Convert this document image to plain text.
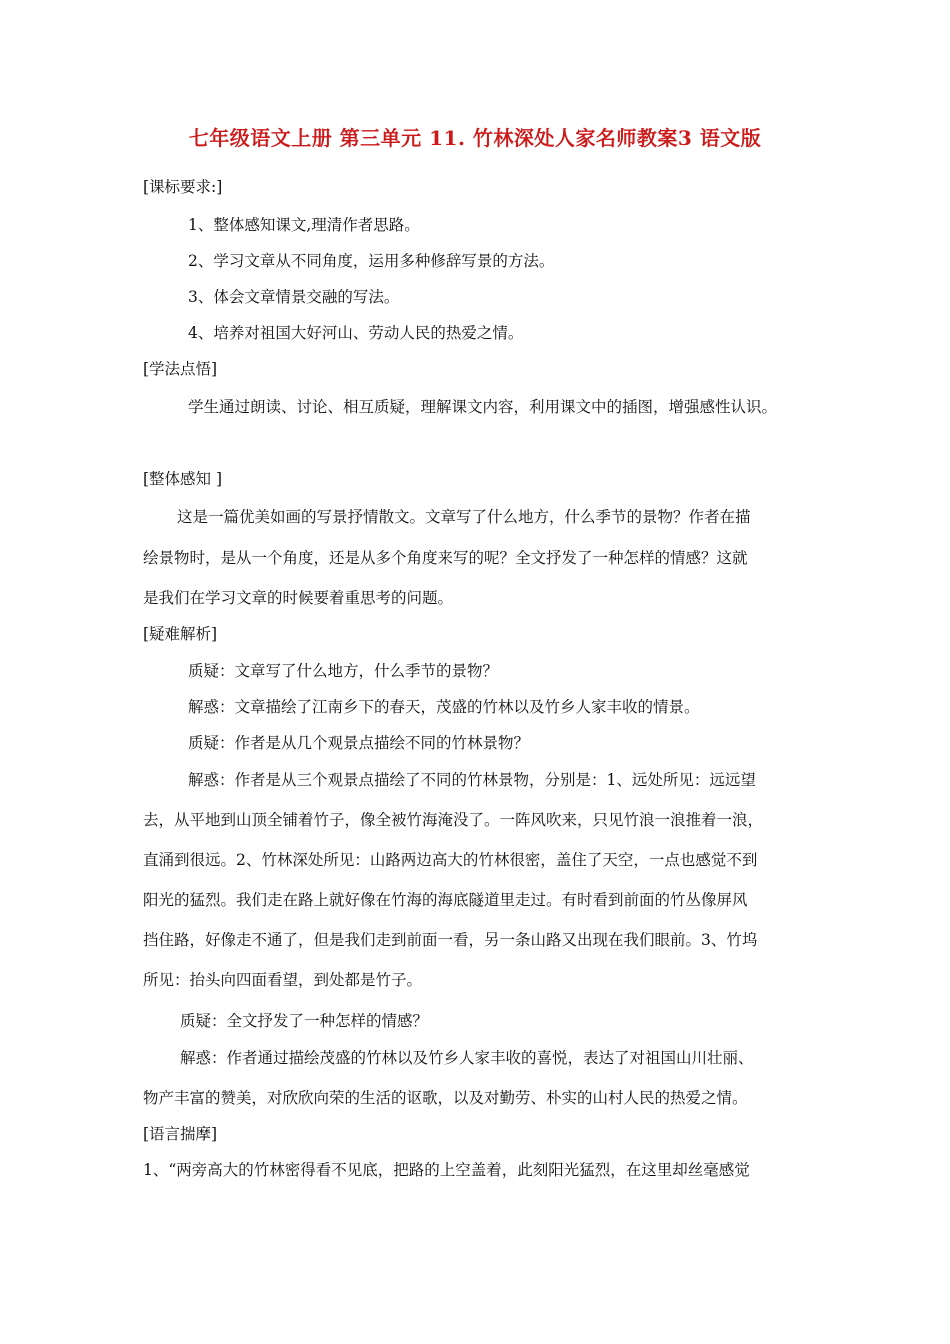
七年级语文上册 第三单元 11. 竹林深处人家名师教案3 语文版
[课标要求:]
1、整体感知课文,理清作者思路。
2、学习文章从不同角度，运用多种修辞写景的方法。
3、体会文章情景交融的写法。
4、培养对祖国大好河山、劳动人民的热爱之情。
[学法点悟]
学生通过朗读、讨论、相互质疑，理解课文内容，利用课文中的插图，增强感性认识。
[整体感知 ]
这是一篇优美如画的写景抒情散文。文章写了什么地方，什么季节的景物？作者在描
绘景物时，是从一个角度，还是从多个角度来写的呢？全文抒发了一种怎样的情感？这就
是我们在学习文章的时候要着重思考的问题。
[疑难解析]
质疑：文章写了什么地方，什么季节的景物？
解惑：文章描绘了江南乡下的春天，茂盛的竹林以及竹乡人家丰收的情景。
质疑：作者是从几个观景点描绘不同的竹林景物？
解惑：作者是从三个观景点描绘了不同的竹林景物，分别是：1、远处所见：远远望
去，从平地到山顶全铺着竹子，像全被竹海淹没了。一阵风吹来，只见竹浪一浪推着一浪，
直涌到很远。2、竹林深处所见：山路两边高大的竹林很密，盖住了天空，一点也感觉不到
阳光的猛烈。我们走在路上就好像在竹海的海底隧道里走过。有时看到前面的竹丛像屏风
挡住路，好像走不通了，但是我们走到前面一看，另一条山路又出现在我们眼前。3、竹坞
所见：抬头向四面看望，到处都是竹子。
质疑：全文抒发了一种怎样的情感？
解惑：作者通过描绘茂盛的竹林以及竹乡人家丰收的喜悦，表达了对祖国山川壮丽、
物产丰富的赞美，对欣欣向荣的生活的讴歌，以及对勤劳、朴实的山村人民的热爱之情。
[语言揣摩]
1、“两旁高大的竹林密得看不见底，把路的上空盖着，此刻阳光猛烈，在这里却丝毫感觉
